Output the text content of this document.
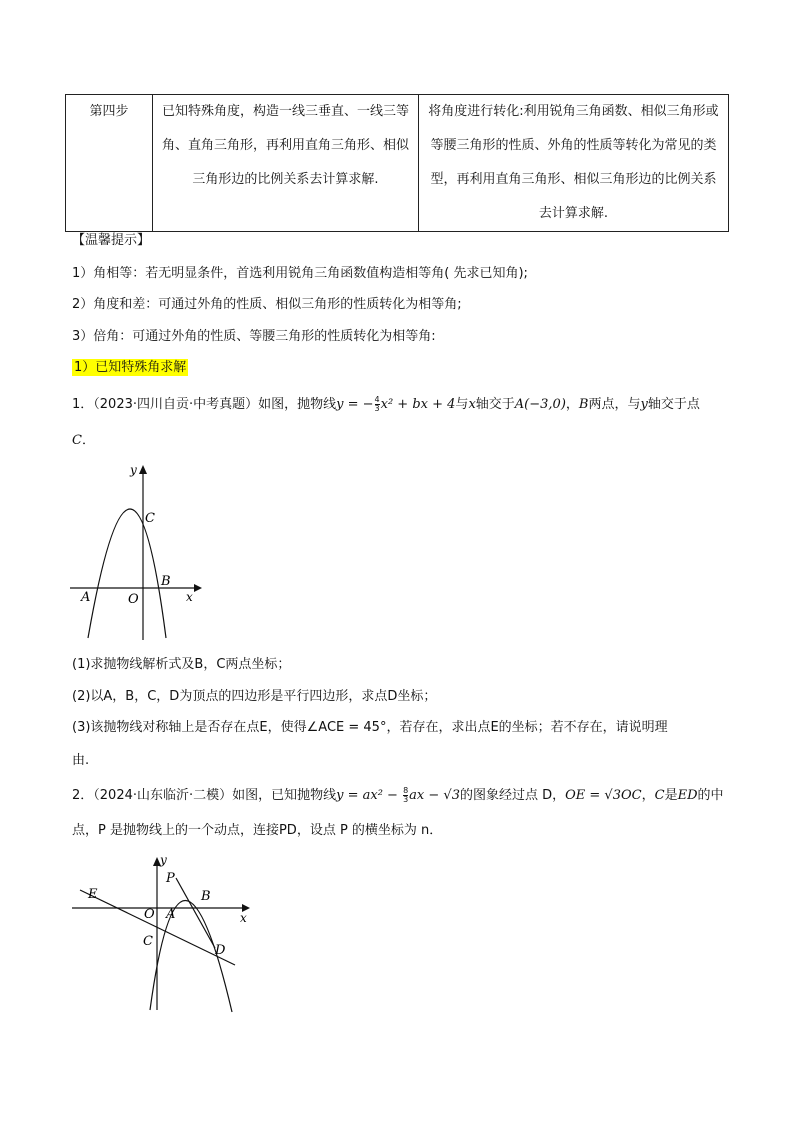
第四步	已知特殊角度，构造一线三垂直、一线三等角、直角三角形，再利用直角三角形、相似三角形边的比例关系去计算求解.	将角度进行转化:利用锐角三角函数、相似三角形或等腰三角形的性质、外角的性质等转化为常见的类型，再利用直角三角形、相似三角形边的比例关系去计算求解.
【温馨提示】
1）角相等：若无明显条件，首选利用锐角三角函数值构造相等角( 先求已知角);
2）角度和差：可通过外角的性质、相似三角形的性质转化为相等角;
3）倍角：可通过外角的性质、等腰三角形的性质转化为相等角:
1）已知特殊角求解
1．（2023·四川自贡·中考真题）如图，抛物线y = − $\frac{4}{3} x^2$ + bx + 4与x轴交于A(−3,0)，B两点，与y轴交于点
C．
y
x
C
B
A	O
(1)求抛物线解析式及B，C两点坐标；
(2)以A，B，C，D为顶点的四边形是平行四边形，求点D坐标；
(3)该抛物线对称轴上是否存在点E，使得∠ACE = 45°，若存在，求出点E的坐标；若不存在，请说明理
由.
2．（2024·山东临沂·二模）如图，已知抛物线$y = ax^2 - \frac{8}{3}$ ax − √3的图象经过点 D，OE = √3OC，C是ED的中
点，P 是抛物线上的一个动点，连接PD，设点 P 的横坐标为 n．
y
x
P
E	B
O A
C
D
